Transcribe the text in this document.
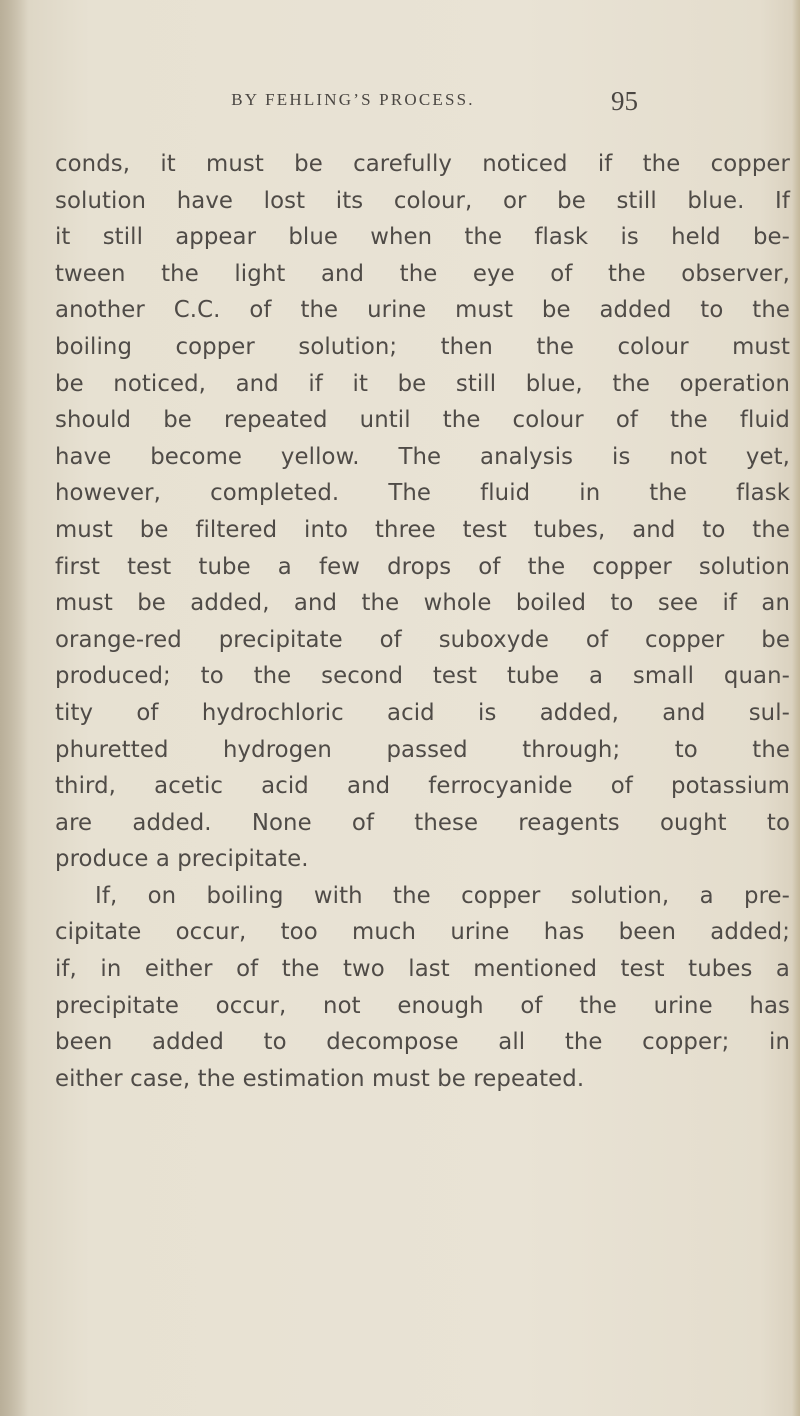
BY FEHLING’S PROCESS.	95
conds, it must be carefully noticed if the copper
solution have lost its colour, or be still blue. If
it still appear blue when the flask is held be-
tween the light and the eye of the observer,
another C.C. of the urine must be added to the
boiling copper solution; then the colour must
be noticed, and if it be still blue, the operation
should be repeated until the colour of the fluid
have become yellow. The analysis is not yet,
however, completed. The fluid in the flask
must be filtered into three test tubes, and to the
first test tube a few drops of the copper solution
must be added, and the whole boiled to see if an
orange-red precipitate of suboxyde of copper be
produced; to the second test tube a small quan-
tity of hydrochloric acid is added, and sul-
phuretted hydrogen passed through; to the
third, acetic acid and ferrocyanide of potassium
are added. None of these reagents ought to
produce a precipitate.
If, on boiling with the copper solution, a pre-
cipitate occur, too much urine has been added;
if, in either of the two last mentioned test tubes a
precipitate occur, not enough of the urine has
been added to decompose all the copper; in
either case, the estimation must be repeated.
